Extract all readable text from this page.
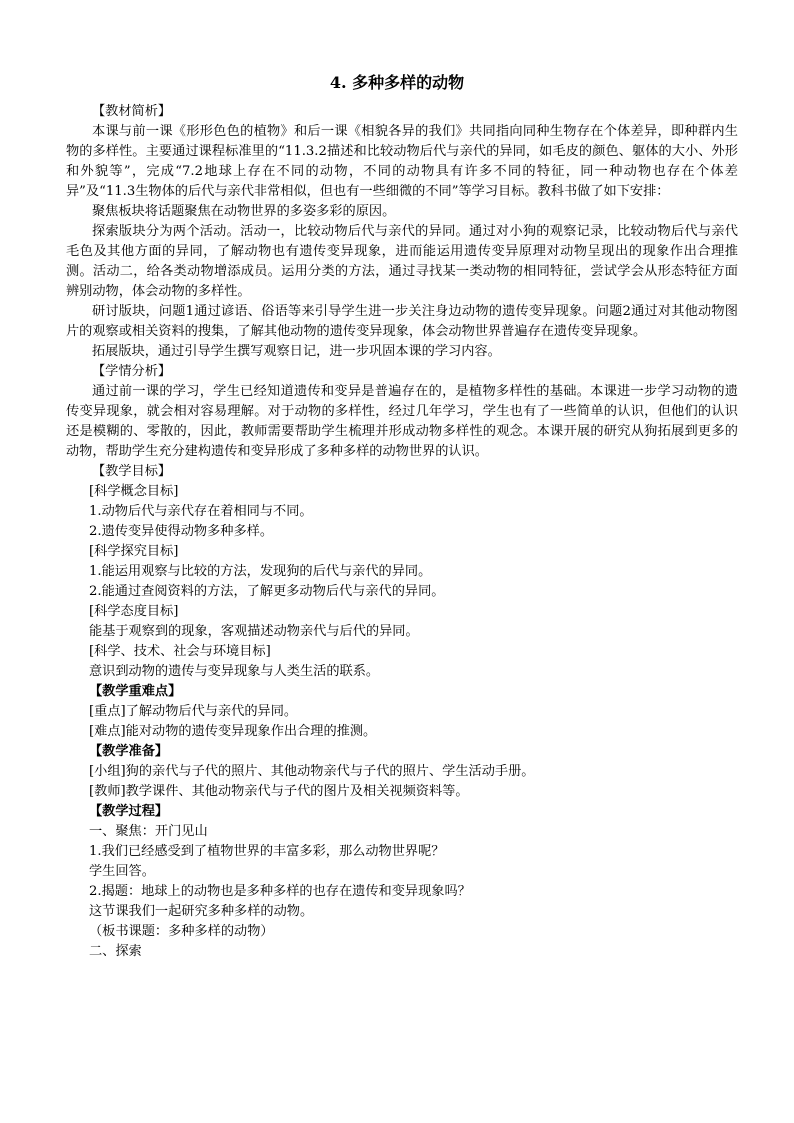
4. 多种多样的动物

【教材简析】

本课与前一课《形形色色的植物》和后一课《相貌各异的我们》共同指向同种生物存在个体差异，即种群内生物的多样性。主要通过课程标准里的“11.3.2描述和比较动物后代与亲代的异同，如毛皮的颜色、躯体的大小、外形和外貌等”，完成“7.2地球上存在不同的动物，不同的动物具有许多不同的特征，同一种动物也存在个体差异”及“11.3生物体的后代与亲代非常相似，但也有一些细微的不同”等学习目标。教科书做了如下安排：

聚焦板块将话题聚焦在动物世界的多姿多彩的原因。

探索版块分为两个活动。活动一，比较动物后代与亲代的异同。通过对小狗的观察记录，比较动物后代与亲代毛色及其他方面的异同，了解动物也有遗传变异现象，进而能运用遗传变异原理对动物呈现出的现象作出合理推测。活动二，给各类动物增添成员。运用分类的方法，通过寻找某一类动物的相同特征，尝试学会从形态特征方面辨别动物，体会动物的多样性。

研讨版块，问题1通过谚语、俗语等来引导学生进一步关注身边动物的遗传变异现象。问题2通过对其他动物图片的观察或相关资料的搜集，了解其他动物的遗传变异现象，体会动物世界普遍存在遗传变异现象。

拓展版块，通过引导学生撰写观察日记，进一步巩固本课的学习内容。

【学情分析】

通过前一课的学习，学生已经知道遗传和变异是普遍存在的，是植物多样性的基础。本课进一步学习动物的遗传变异现象，就会相对容易理解。对于动物的多样性，经过几年学习，学生也有了一些简单的认识，但他们的认识还是模糊的、零散的，因此，教师需要帮助学生梳理并形成动物多样性的观念。本课开展的研究从狗拓展到更多的动物，帮助学生充分建构遗传和变异形成了多种多样的动物世界的认识。

【教学目标】

[科学概念目标]

1.动物后代与亲代存在着相同与不同。

2.遗传变异使得动物多种多样。

[科学探究目标]

1.能运用观察与比较的方法，发现狗的后代与亲代的异同。

2.能通过查阅资料的方法，了解更多动物后代与亲代的异同。

[科学态度目标]

能基于观察到的现象，客观描述动物亲代与后代的异同。

[科学、技术、社会与环境目标]

意识到动物的遗传与变异现象与人类生活的联系。

【教学重难点】

[重点]了解动物后代与亲代的异同。

[难点]能对动物的遗传变异现象作出合理的推测。

【教学准备】

[小组]狗的亲代与子代的照片、其他动物亲代与子代的照片、学生活动手册。

[教师]教学课件、其他动物亲代与子代的图片及相关视频资料等。

【教学过程】

一、聚焦：开门见山

1.我们已经感受到了植物世界的丰富多彩，那么动物世界呢？

学生回答。

2.揭题：地球上的动物也是多种多样的也存在遗传和变异现象吗？

这节课我们一起研究多种多样的动物。

（板书课题：多种多样的动物）

二、探索
